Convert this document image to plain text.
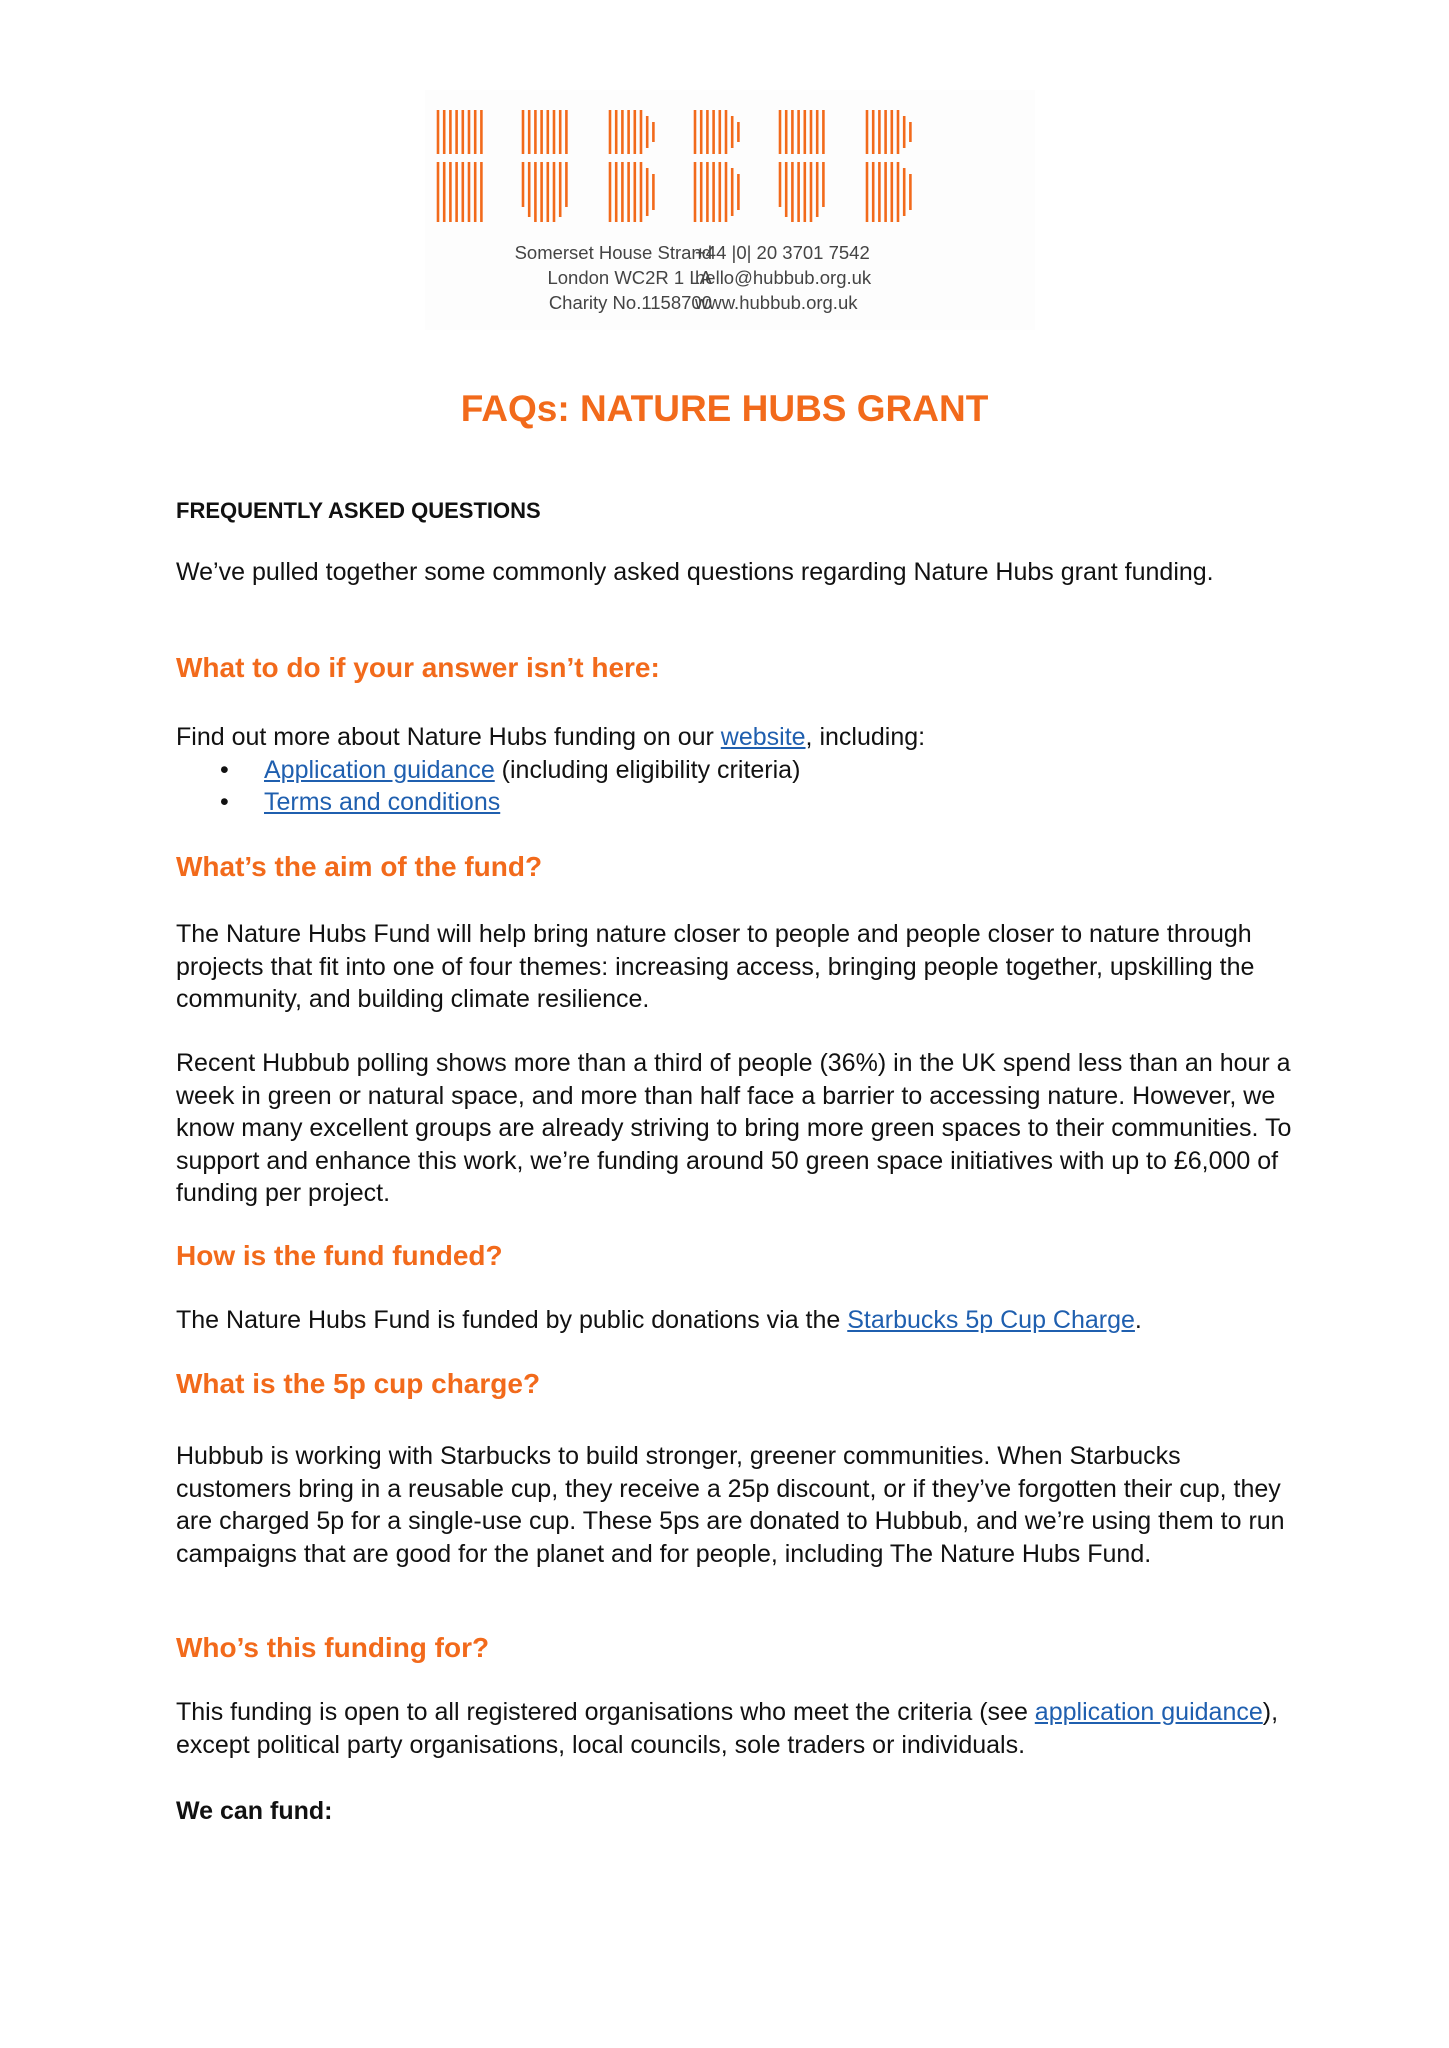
Somerset House Strand
London WC2R 1 LA
Charity No.1158700
+44 |0| 20 3701 7542
hello@hubbub.org.uk
www.hubbub.org.uk
FAQs: NATURE HUBS GRANT
FREQUENTLY ASKED QUESTIONS
We’ve pulled together some commonly asked questions regarding Nature Hubs grant funding.
What to do if your answer isn’t here:
Find out more about Nature Hubs funding on our website, including:
• Application guidance (including eligibility criteria)
• Terms and conditions
What’s the aim of the fund?
The Nature Hubs Fund will help bring nature closer to people and people closer to nature through projects that fit into one of four themes: increasing access, bringing people together, upskilling the community, and building climate resilience.
Recent Hubbub polling shows more than a third of people (36%) in the UK spend less than an hour a week in green or natural space, and more than half face a barrier to accessing nature. However, we know many excellent groups are already striving to bring more green spaces to their communities. To support and enhance this work, we’re funding around 50 green space initiatives with up to £6,000 of funding per project.
How is the fund funded?
The Nature Hubs Fund is funded by public donations via the Starbucks 5p Cup Charge.
What is the 5p cup charge?
Hubbub is working with Starbucks to build stronger, greener communities. When Starbucks customers bring in a reusable cup, they receive a 25p discount, or if they’ve forgotten their cup, they are charged 5p for a single-use cup. These 5ps are donated to Hubbub, and we’re using them to run campaigns that are good for the planet and for people, including The Nature Hubs Fund.
Who’s this funding for?
This funding is open to all registered organisations who meet the criteria (see application guidance), except political party organisations, local councils, sole traders or individuals.
We can fund:
